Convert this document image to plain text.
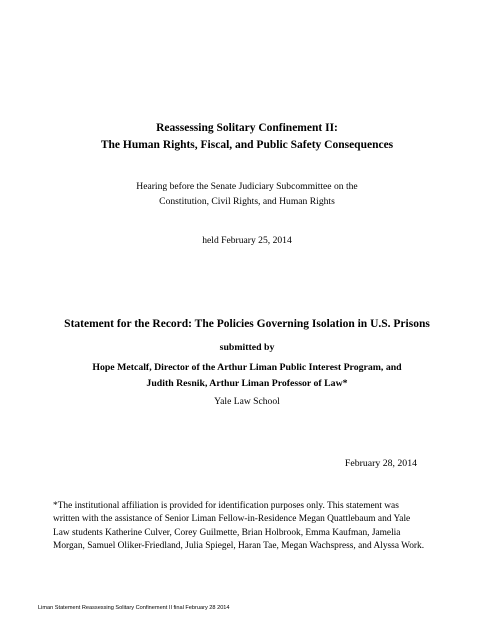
Reassessing Solitary Confinement II:
The Human Rights, Fiscal, and Public Safety Consequences
Hearing before the Senate Judiciary Subcommittee on the
Constitution, Civil Rights, and Human Rights
held February 25, 2014
Statement for the Record: The Policies Governing Isolation in U.S. Prisons
submitted by
Hope Metcalf, Director of the Arthur Liman Public Interest Program, and
Judith Resnik, Arthur Liman Professor of Law*
Yale Law School
February 28, 2014
*The institutional affiliation is provided for identification purposes only. This statement was
written with the assistance of Senior Liman Fellow-in-Residence Megan Quattlebaum and Yale
Law students Katherine Culver, Corey Guilmette, Brian Holbrook, Emma Kaufman, Jamelia
Morgan, Samuel Oliker-Friedland, Julia Spiegel, Haran Tae, Megan Wachspress, and Alyssa Work.
Liman Statement Reassessing Solitary Confinement II final February 28 2014
